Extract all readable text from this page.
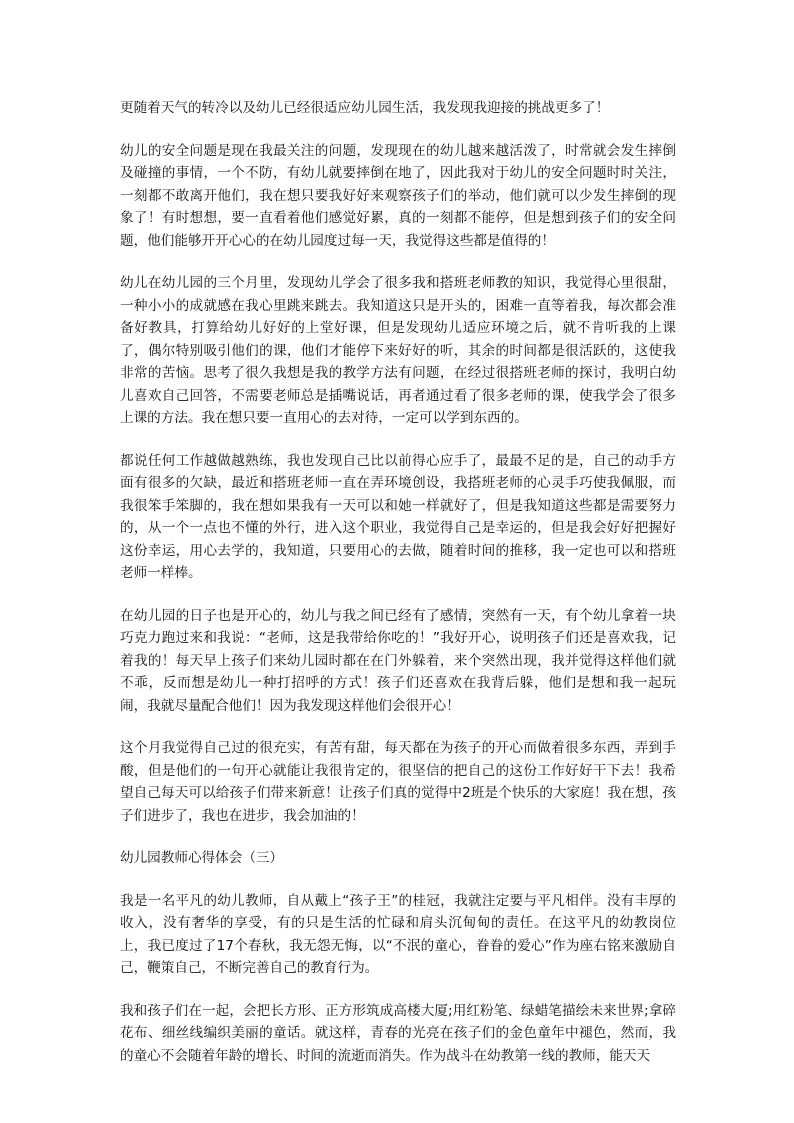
更随着天气的转冷以及幼儿已经很适应幼儿园生活，我发现我迎接的挑战更多了！

幼儿的安全问题是现在我最关注的问题，发现现在的幼儿越来越活泼了，时常就会发生摔倒及碰撞的事情，一个不防，有幼儿就要摔倒在地了，因此我对于幼儿的安全问题时时关注，一刻都不敢离开他们，我在想只要我好好来观察孩子们的举动，他们就可以少发生摔倒的现象了！有时想想，要一直看着他们感觉好累，真的一刻都不能停，但是想到孩子们的安全问题，他们能够开开心心的在幼儿园度过每一天，我觉得这些都是值得的！

幼儿在幼儿园的三个月里，发现幼儿学会了很多我和搭班老师教的知识，我觉得心里很甜，一种小小的成就感在我心里跳来跳去。我知道这只是开头的，困难一直等着我，每次都会准备好教具，打算给幼儿好好的上堂好课，但是发现幼儿适应环境之后，就不肯听我的上课了，偶尔特别吸引他们的课，他们才能停下来好好的听，其余的时间都是很活跃的，这使我非常的苦恼。思考了很久我想是我的教学方法有问题，在经过很搭班老师的探讨，我明白幼儿喜欢自己回答，不需要老师总是插嘴说话，再者通过看了很多老师的课，使我学会了很多上课的方法。我在想只要一直用心的去对待，一定可以学到东西的。

都说任何工作越做越熟练，我也发现自己比以前得心应手了，最最不足的是，自己的动手方面有很多的欠缺，最近和搭班老师一直在弄环境创设，我搭班老师的心灵手巧使我佩服，而我很笨手笨脚的，我在想如果我有一天可以和她一样就好了，但是我知道这些都是需要努力的，从一个一点也不懂的外行，进入这个职业，我觉得自己是幸运的，但是我会好好把握好这份幸运，用心去学的，我知道，只要用心的去做，随着时间的推移，我一定也可以和搭班老师一样棒。

在幼儿园的日子也是开心的，幼儿与我之间已经有了感情，突然有一天，有个幼儿拿着一块巧克力跑过来和我说：“老师，这是我带给你吃的！”我好开心，说明孩子们还是喜欢我，记着我的！每天早上孩子们来幼儿园时都在在门外躲着，来个突然出现，我并觉得这样他们就不乖，反而想是幼儿一种打招呼的方式！孩子们还喜欢在我背后躲，他们是想和我一起玩闹，我就尽量配合他们！因为我发现这样他们会很开心！

这个月我觉得自己过的很充实，有苦有甜，每天都在为孩子的开心而做着很多东西，弄到手酸，但是他们的一句开心就能让我很肯定的，很坚信的把自己的这份工作好好干下去！我希望自己每天可以给孩子们带来新意！让孩子们真的觉得中2班是个快乐的大家庭！我在想，孩子们进步了，我也在进步，我会加油的！

幼儿园教师心得体会（三）

我是一名平凡的幼儿教师，自从戴上“孩子王”的桂冠，我就注定要与平凡相伴。没有丰厚的收入，没有奢华的享受，有的只是生活的忙碌和肩头沉甸甸的责任。在这平凡的幼教岗位上，我已度过了17个春秋，我无怨无悔，以“不泯的童心，眷眷的爱心”作为座右铭来激励自己，鞭策自己，不断完善自己的教育行为。

我和孩子们在一起，会把长方形、正方形筑成高楼大厦;用红粉笔、绿蜡笔描绘未来世界;拿碎花布、细丝线编织美丽的童话。就这样，青春的光亮在孩子们的金色童年中褪色，然而，我的童心不会随着年龄的增长、时间的流逝而消失。作为战斗在幼教第一线的教师，能天天
